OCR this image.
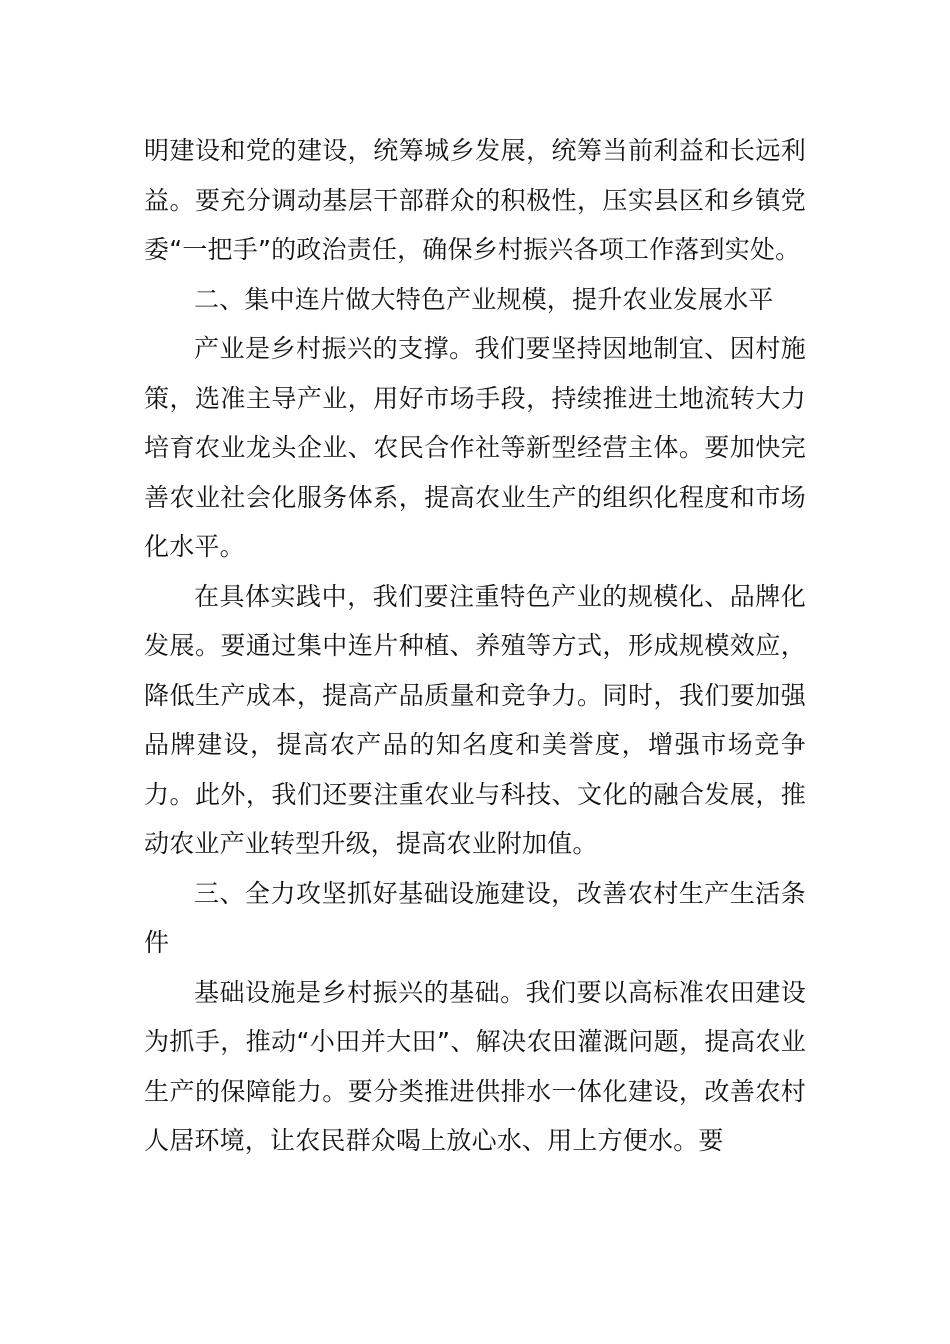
明建设和党的建设，统筹城乡发展，统筹当前利益和长远利益。要充分调动基层干部群众的积极性，压实县区和乡镇党委“一把手”的政治责任，确保乡村振兴各项工作落到实处。

二、集中连片做大特色产业规模，提升农业发展水平

产业是乡村振兴的支撑。我们要坚持因地制宜、因村施策，选准主导产业，用好市场手段，持续推进土地流转大力培育农业龙头企业、农民合作社等新型经营主体。要加快完善农业社会化服务体系，提高农业生产的组织化程度和市场化水平。

在具体实践中，我们要注重特色产业的规模化、品牌化发展。要通过集中连片种植、养殖等方式，形成规模效应，降低生产成本，提高产品质量和竞争力。同时，我们要加强品牌建设，提高农产品的知名度和美誉度，增强市场竞争力。此外，我们还要注重农业与科技、文化的融合发展，推动农业产业转型升级，提高农业附加值。

三、全力攻坚抓好基础设施建设，改善农村生产生活条件

基础设施是乡村振兴的基础。我们要以高标准农田建设为抓手，推动“小田并大田”、解决农田灌溉问题，提高农业生产的保障能力。要分类推进供排水一体化建设，改善农村人居环境，让农民群众喝上放心水、用上方便水。要
